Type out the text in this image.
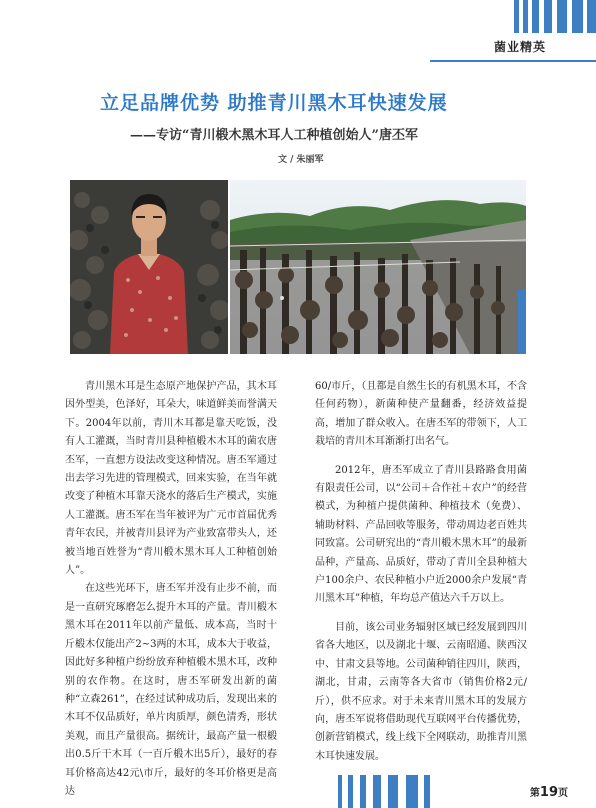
菌业精英
立足品牌优势 助推青川黑木耳快速发展
——专访“青川椴木黑木耳人工种植创始人”唐丕军
文 / 朱丽军

青川黑木耳是生态原产地保护产品，其木耳因外型美，色泽好，耳朵大，味道鲜美而誉满天下。2004年以前，青川木耳都是靠天吃饭，没有人工灌溉，当时青川县种植椴木木耳的菌农唐丕军，一直想方设法改变这种情况。唐丕军通过出去学习先进的管理模式，回来实验，在当年就改变了种植木耳靠天浇水的落后生产模式，实施人工灌溉。唐丕军在当年被评为广元市首届优秀青年农民，并被青川县评为产业致富带头人，还被当地百姓誉为“青川椴木黑木耳人工种植创始人”。

在这些光环下，唐丕军并没有止步不前，而是一直研究琢磨怎么提升木耳的产量。青川椴木黑木耳在2011年以前产量低、成本高，当时十斤椴木仅能出产2~3两的木耳，成本大于收益，因此好多种植户纷纷放弃种植椴木黑木耳，改种别的农作物。在这时，唐丕军研发出新的菌种“立森261”，在经过试种成功后，发现出来的木耳不仅品质好，单片肉质厚，颜色清秀，形状美观，而且产量很高。据统计，最高产量一根椴出0.5斤干木耳（一百斤椴木出5斤），最好的春耳价格高达42元\市斤，最好的冬耳价格更是高达

60/市斤，（且都是自然生长的有机黑木耳，不含任何药物），新菌种使产量翻番，经济效益提高，增加了群众收入。在唐丕军的带领下，人工栽培的青川木耳渐渐打出名气。

2012年，唐丕军成立了青川县路路食用菌有限责任公司，以“公司＋合作社＋农户”的经营模式，为种植户提供菌种、种植技术（免费）、辅助材料、产品回收等服务，带动周边老百姓共同致富。公司研究出的“青川椴木黑木耳”的最新品种，产量高、品质好，带动了青川全县种植大户100余户、农民种植小户近2000余户发展“青川黑木耳”种植，年均总产值达六千万以上。

目前，该公司业务辐射区域已经发展到四川省各大地区，以及湖北十堰、云南昭通、陕西汉中、甘肃文县等地。公司菌种销往四川，陕西，湖北，甘肃，云南等各大省市（销售价格2元/斤），供不应求。对于未来青川黑木耳的发展方向，唐丕军说将借助现代互联网平台传播优势，创新营销模式，线上线下全网联动，助推青川黑木耳快速发展。

第19页
